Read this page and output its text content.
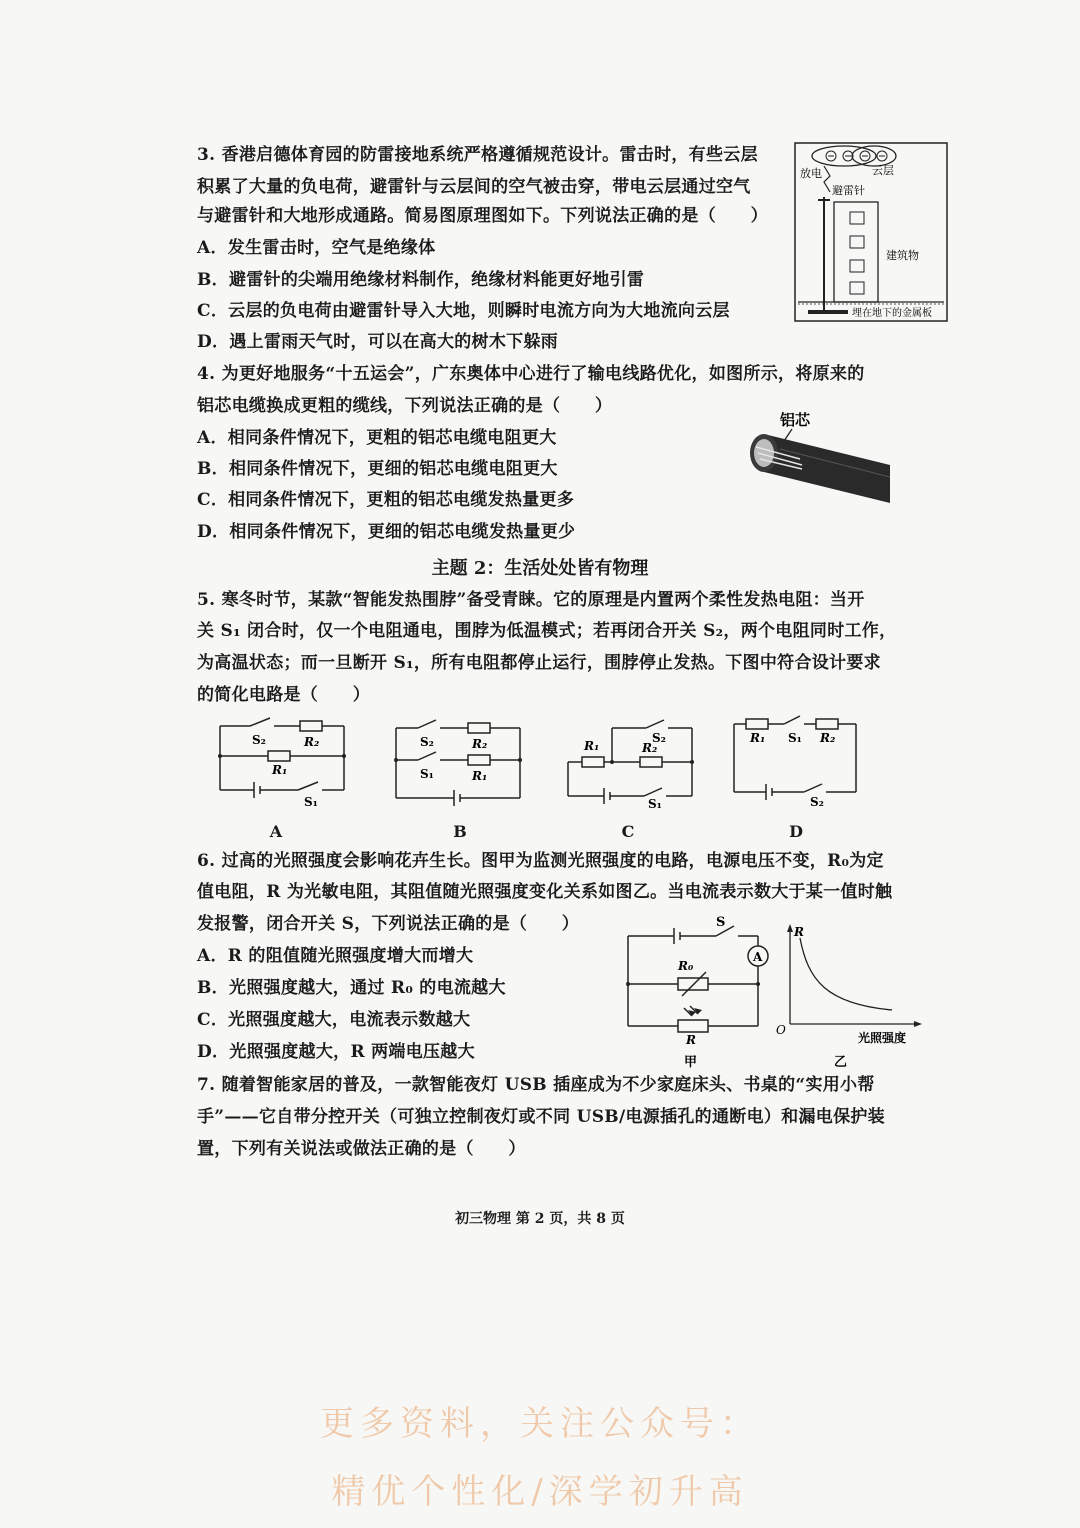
3. 香港启德体育园的防雷接地系统严格遵循规范设计。雷击时，有些云层
积累了大量的负电荷，避雷针与云层间的空气被击穿，带电云层通过空气
与避雷针和大地形成通路。简易图原理图如下。下列说法正确的是（　　）
A．发生雷击时，空气是绝缘体
B．避雷针的尖端用绝缘材料制作，绝缘材料能更好地引雷
C．云层的负电荷由避雷针导入大地，则瞬时电流方向为大地流向云层
D．遇上雷雨天气时，可以在高大的树木下躲雨
放电	云层
避雷针
建筑物
埋在地下的金属板
4. 为更好地服务“十五运会”，广东奥体中心进行了输电线路优化，如图所示，将原来的
铝芯电缆换成更粗的缆线，下列说法正确的是（　　）
A．相同条件情况下，更粗的铝芯电缆电阻更大
B．相同条件情况下，更细的铝芯电缆电阻更大
C．相同条件情况下，更粗的铝芯电缆发热量更多
D．相同条件情况下，更细的铝芯电缆发热量更少
铝芯
主题 2：生活处处皆有物理
5. 寒冬时节，某款“智能发热围脖”备受青睐。它的原理是内置两个柔性发热电阻：当开
关 S₁ 闭合时，仅一个电阻通电，围脖为低温模式；若再闭合开关 S₂，两个电阻同时工作，
为高温状态；而一旦断开 S₁，所有电阻都停止运行，围脖停止发热。下图中符合设计要求
的简化电路是（　　）
S₂	R₂
R₁
S₁
A
S₂	R₂
S₁	R₁
B
R₁
S₂
R₂
S₁
C
R₁ S₁ R₂
S₂
D
6. 过高的光照强度会影响花卉生长。图甲为监测光照强度的电路，电源电压不变，R₀为定
值电阻，R 为光敏电阻，其阻值随光照强度变化关系如图乙。当电流表示数大于某一值时触
发报警，闭合开关 S，下列说法正确的是（　　）
A．R 的阻值随光照强度增大而增大
B．光照强度越大，通过 R₀ 的电流越大
C．光照强度越大，电流表示数越大
D．光照强度越大，R 两端电压越大
S
A
R₀
R
甲
R
O
光照强度
乙
7. 随着智能家居的普及，一款智能夜灯 USB 插座成为不少家庭床头、书桌的“实用小帮
手”——它自带分控开关（可独立控制夜灯或不同 USB/电源插孔的通断电）和漏电保护装
置，下列有关说法或做法正确的是（　　）
初三物理 第 2 页，共 8 页
更多资料，关注公众号：
精优个性化/深学初升高
